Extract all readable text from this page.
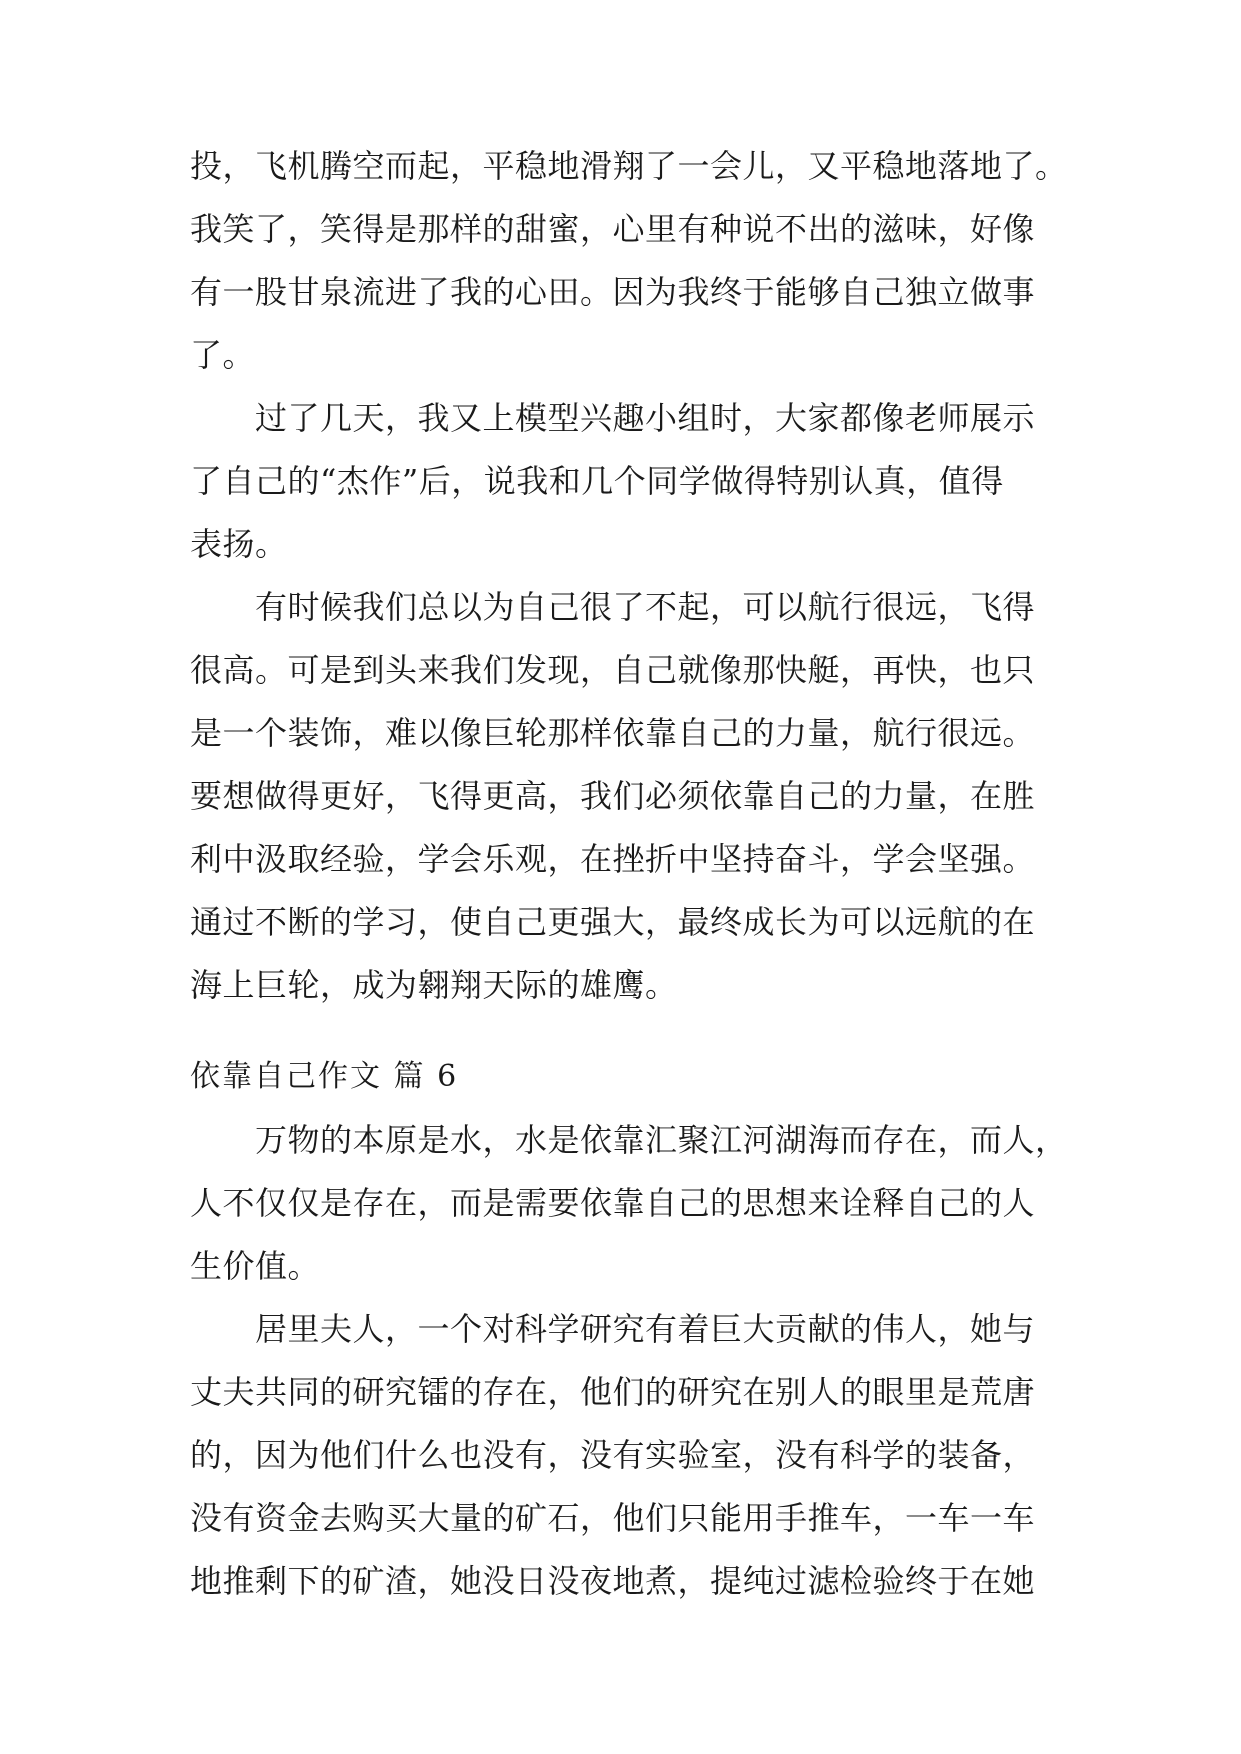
投，飞机腾空而起，平稳地滑翔了一会儿，又平稳地落地了。
我笑了，笑得是那样的甜蜜，心里有种说不出的滋味，好像
有一股甘泉流进了我的心田。因为我终于能够自己独立做事
了。
　　过了几天，我又上模型兴趣小组时，大家都像老师展示
了自己的“杰作”后，说我和几个同学做得特别认真，值得
表扬。
　　有时候我们总以为自己很了不起，可以航行很远，飞得
很高。可是到头来我们发现，自己就像那快艇，再快，也只
是一个装饰，难以像巨轮那样依靠自己的力量，航行很远。
要想做得更好，飞得更高，我们必须依靠自己的力量，在胜
利中汲取经验，学会乐观，在挫折中坚持奋斗，学会坚强。
通过不断的学习，使自己更强大，最终成长为可以远航的在
海上巨轮，成为翱翔天际的雄鹰。
依靠自己作文 篇 6
　　万物的本原是水，水是依靠汇聚江河湖海而存在，而人，
人不仅仅是存在，而是需要依靠自己的思想来诠释自己的人
生价值。
　　居里夫人，一个对科学研究有着巨大贡献的伟人，她与
丈夫共同的研究镭的存在，他们的研究在别人的眼里是荒唐
的，因为他们什么也没有，没有实验室，没有科学的装备，
没有资金去购买大量的矿石，他们只能用手推车，一车一车
地推剩下的矿渣，她没日没夜地煮，提纯过滤检验终于在她
